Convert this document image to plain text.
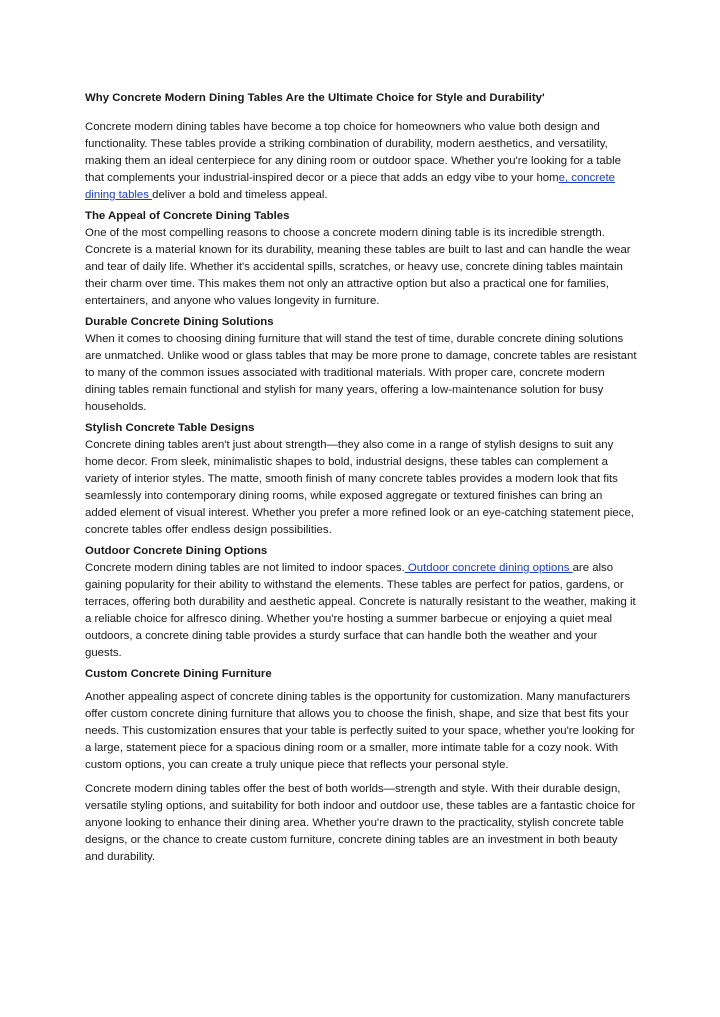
Why Concrete Modern Dining Tables Are the Ultimate Choice for Style and Durability'

Concrete modern dining tables have become a top choice for homeowners who value both design and functionality. These tables provide a striking combination of durability, modern aesthetics, and versatility, making them an ideal centerpiece for any dining room or outdoor space. Whether you're looking for a table that complements your industrial-inspired decor or a piece that adds an edgy vibe to your home, concrete dining tables deliver a bold and timeless appeal.

The Appeal of Concrete Dining Tables

One of the most compelling reasons to choose a concrete modern dining table is its incredible strength. Concrete is a material known for its durability, meaning these tables are built to last and can handle the wear and tear of daily life. Whether it's accidental spills, scratches, or heavy use, concrete dining tables maintain their charm over time. This makes them not only an attractive option but also a practical one for families, entertainers, and anyone who values longevity in furniture.

Durable Concrete Dining Solutions

When it comes to choosing dining furniture that will stand the test of time, durable concrete dining solutions are unmatched. Unlike wood or glass tables that may be more prone to damage, concrete tables are resistant to many of the common issues associated with traditional materials. With proper care, concrete modern dining tables remain functional and stylish for many years, offering a low-maintenance solution for busy households.

Stylish Concrete Table Designs

Concrete dining tables aren't just about strength—they also come in a range of stylish designs to suit any home decor. From sleek, minimalistic shapes to bold, industrial designs, these tables can complement a variety of interior styles. The matte, smooth finish of many concrete tables provides a modern look that fits seamlessly into contemporary dining rooms, while exposed aggregate or textured finishes can bring an added element of visual interest. Whether you prefer a more refined look or an eye-catching statement piece, concrete tables offer endless design possibilities.

Outdoor Concrete Dining Options

Concrete modern dining tables are not limited to indoor spaces. Outdoor concrete dining options are also gaining popularity for their ability to withstand the elements. These tables are perfect for patios, gardens, or terraces, offering both durability and aesthetic appeal. Concrete is naturally resistant to the weather, making it a reliable choice for alfresco dining. Whether you're hosting a summer barbecue or enjoying a quiet meal outdoors, a concrete dining table provides a sturdy surface that can handle both the weather and your guests.

Custom Concrete Dining Furniture

Another appealing aspect of concrete dining tables is the opportunity for customization. Many manufacturers offer custom concrete dining furniture that allows you to choose the finish, shape, and size that best fits your needs. This customization ensures that your table is perfectly suited to your space, whether you're looking for a large, statement piece for a spacious dining room or a smaller, more intimate table for a cozy nook. With custom options, you can create a truly unique piece that reflects your personal style.

Concrete modern dining tables offer the best of both worlds—strength and style. With their durable design, versatile styling options, and suitability for both indoor and outdoor use, these tables are a fantastic choice for anyone looking to enhance their dining area. Whether you're drawn to the practicality, stylish concrete table designs, or the chance to create custom furniture, concrete dining tables are an investment in both beauty and durability.
